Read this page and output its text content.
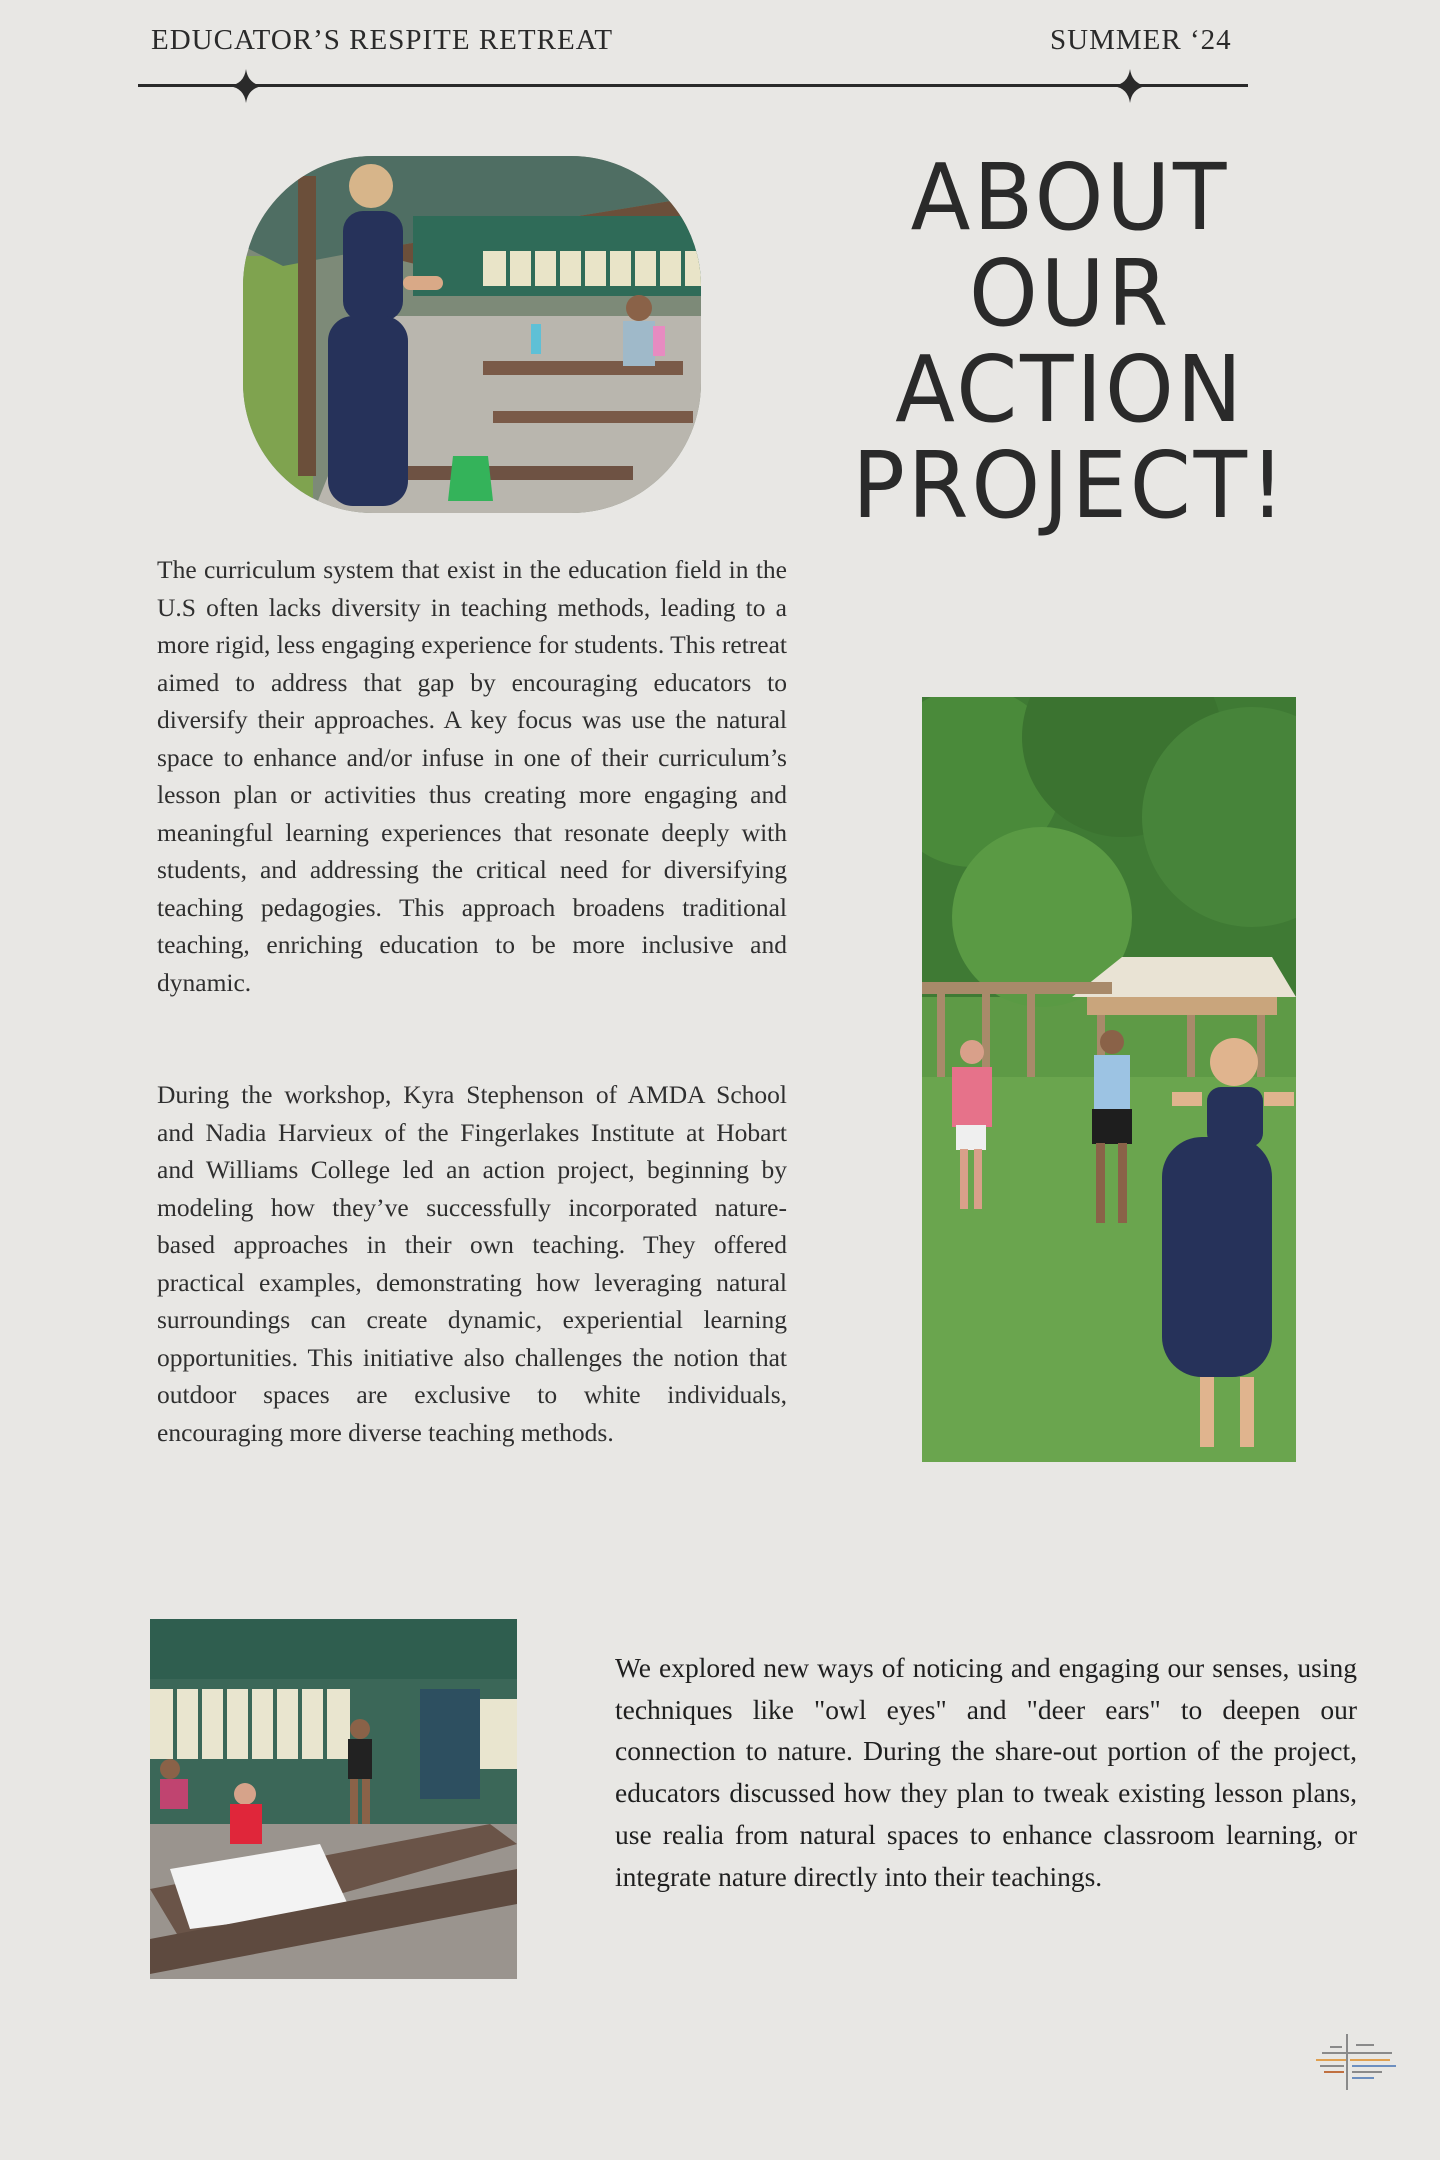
EDUCATOR’S RESPITE RETREAT	SUMMER ‘24
ABOUT
OUR
ACTION
PROJECT!
The curriculum system that exist in the education field in the U.S often lacks diversity in teaching methods, leading to a more rigid, less engaging experience for students. This retreat aimed to address that gap by encouraging educators to diversify their approaches. A key focus was use the natural space to enhance and/or infuse in one of their curriculum’s lesson plan or activities thus creating more engaging and meaningful learning experiences that resonate deeply with students, and addressing the critical need for diversifying teaching pedagogies. This approach broadens traditional teaching, enriching education to be more inclusive and dynamic.
During the workshop, Kyra Stephenson of AMDA School and Nadia Harvieux of the Fingerlakes Institute at Hobart and Williams College led an action project, beginning by modeling how they’ve successfully incorporated nature-based approaches in their own teaching. They offered practical examples, demonstrating how leveraging natural surroundings can create dynamic, experiential learning opportunities. This initiative also challenges the notion that outdoor spaces are exclusive to white individuals, encouraging more diverse teaching methods.
We explored new ways of noticing and engaging our senses, using techniques like "owl eyes" and "deer ears" to deepen our connection to nature. During the share-out portion of the project, educators discussed how they plan to tweak existing lesson plans, use realia from natural spaces to enhance classroom learning, or integrate nature directly into their teachings.
